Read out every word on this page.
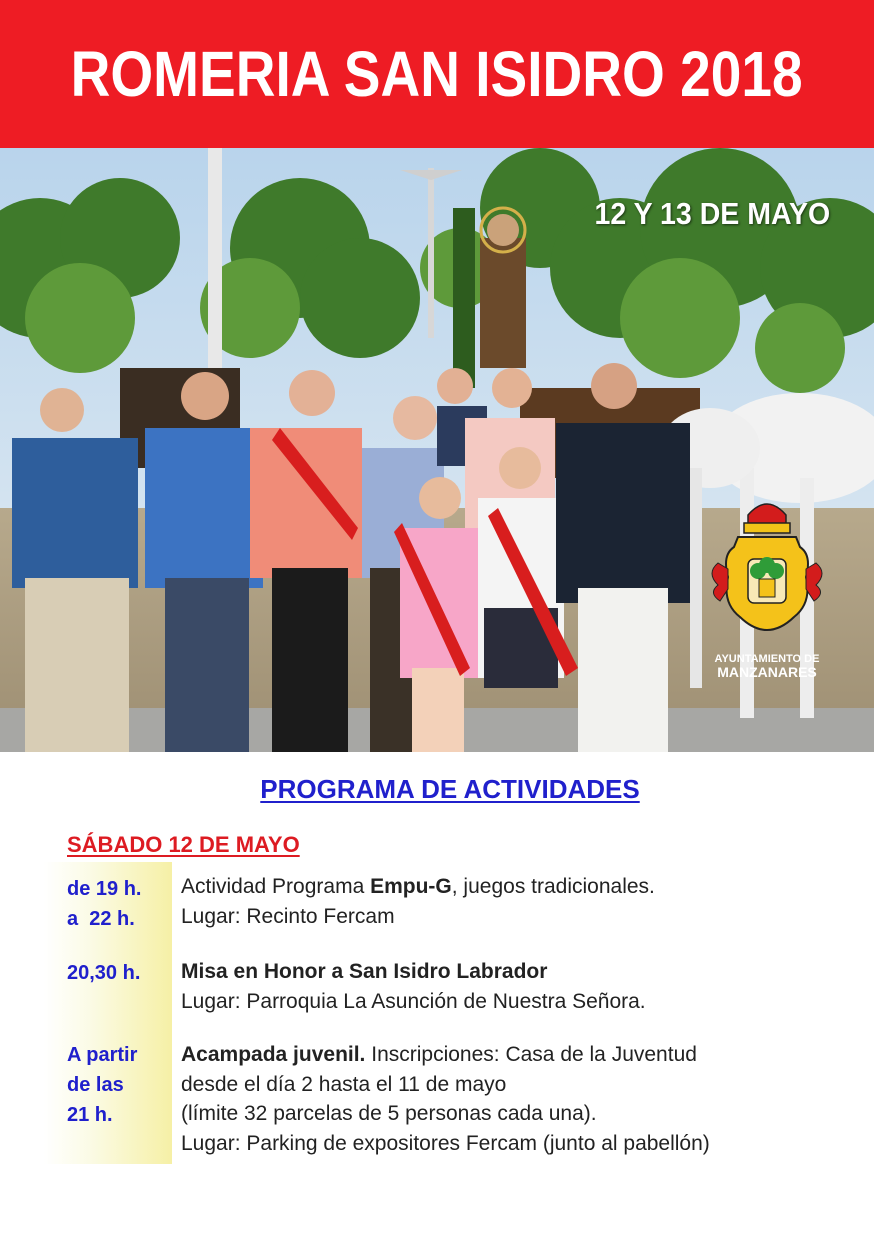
ROMERIA SAN ISIDRO 2018
12 Y 13 DE MAYO
AYUNTAMIENTO DE
MANZANARES
PROGRAMA DE ACTIVIDADES
SÁBADO 12 DE MAYO
de 19 h.
a  22 h.
Actividad Programa Empu-G, juegos tradicionales.
Lugar: Recinto Fercam
20,30 h. Misa en Honor a San Isidro Labrador
Lugar: Parroquia La Asunción de Nuestra Señora.
A partir
de las
21 h.
Acampada juvenil. Inscripciones: Casa de la Juventud
desde el día 2 hasta el 11 de mayo
(límite 32 parcelas de 5 personas cada una).
Lugar: Parking de expositores Fercam (junto al pabellón)
